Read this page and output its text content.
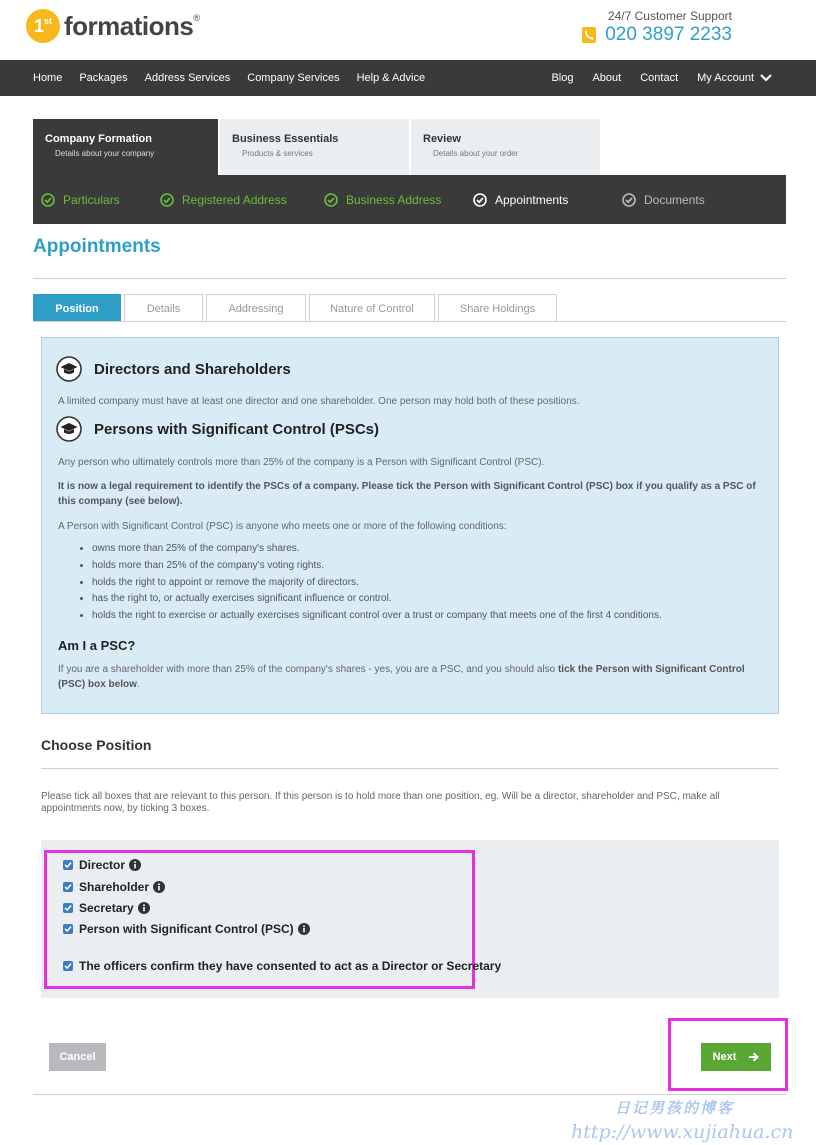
1st formations ®	24/7 Customer Support
020 3897 2233
Home Packages Address Services Company Services Help & Advice	Blog About Contact My Account
Company Formation
Details about your company
Business Essentials
Products & services
Review
Details about your order
Particulars	Registered Address	Business Address	Appointments	Documents
Appointments
Position	Details	Addressing	Nature of Control	Share Holdings
Directors and Shareholders
A limited company must have at least one director and one shareholder. One person may hold both of these positions.
Persons with Significant Control (PSCs)
Any person who ultimately controls more than 25% of the company is a Person with Significant Control (PSC).
It is now a legal requirement to identify the PSCs of a company. Please tick the Person with Significant Control (PSC) box if you qualify as a PSC of this company (see below).
A Person with Significant Control (PSC) is anyone who meets one or more of the following conditions:
• owns more than 25% of the company's shares.
• holds more than 25% of the company's voting rights.
• holds the right to appoint or remove the majority of directors.
• has the right to, or actually exercises significant influence or control.
• holds the right to exercise or actually exercises significant control over a trust or company that meets one of the first 4 conditions.
Am I a PSC?
If you are a shareholder with more than 25% of the company's shares - yes, you are a PSC, and you should also tick the Person with Significant Control (PSC) box below.
Choose Position
Please tick all boxes that are relevant to this person. If this person is to hold more than one position, eg. Will be a director, shareholder and PSC, make all appointments now, by ticking 3 boxes.
Director
Shareholder
Secretary
Person with Significant Control (PSC)
The officers confirm they have consented to act as a Director or Secretary
Cancel	Next
日记男孩的博客
http://www.xujiahua.cn
